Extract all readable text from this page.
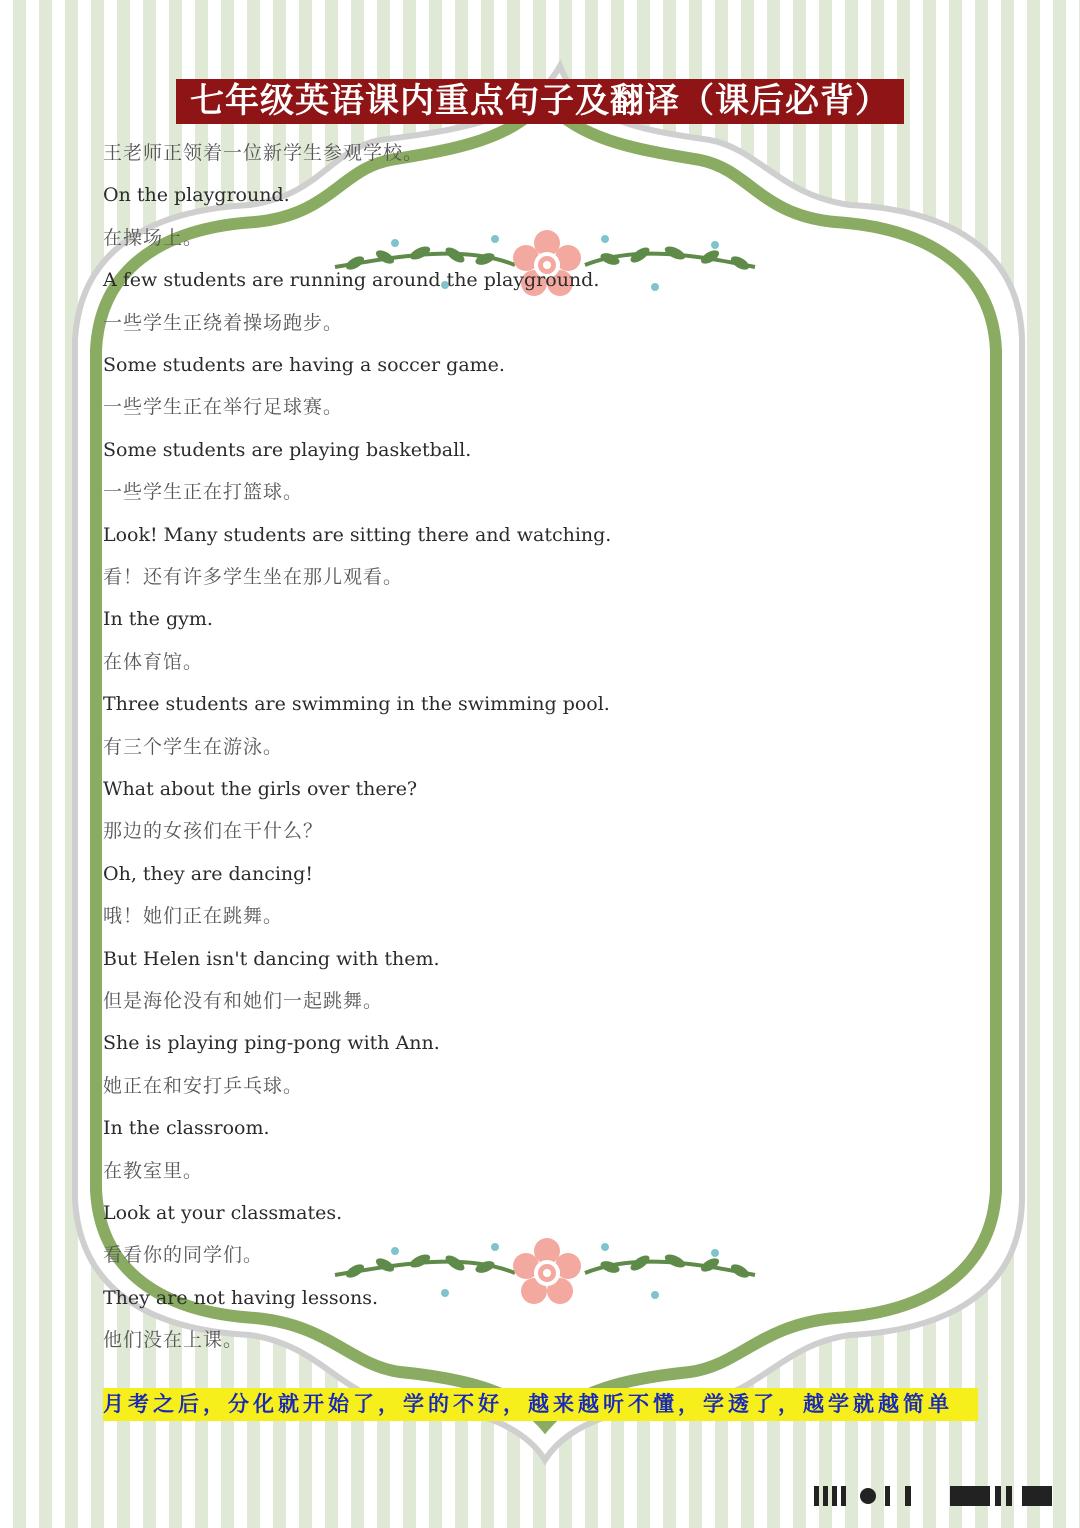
七年级英语课内重点句子及翻译（课后必背）
王老师正领着一位新学生参观学校。
On the playground.
在操场上。
A few students are running around the playground.
一些学生正绕着操场跑步。
Some students are having a soccer game.
一些学生正在举行足球赛。
Some students are playing basketball.
一些学生正在打篮球。
Look! Many students are sitting there and watching.
看！还有许多学生坐在那儿观看。
In the gym.
在体育馆。
Three students are swimming in the swimming pool.
有三个学生在游泳。
What about the girls over there?
那边的女孩们在干什么？
Oh, they are dancing!
哦！她们正在跳舞。
But Helen isn't dancing with them.
但是海伦没有和她们一起跳舞。
She is playing ping-pong with Ann.
她正在和安打乒乓球。
In the classroom.
在教室里。
Look at your classmates.
看看你的同学们。
They are not having lessons.
他们没在上课。
月考之后，分化就开始了，学的不好，越来越听不懂，学透了，越学就越简单
